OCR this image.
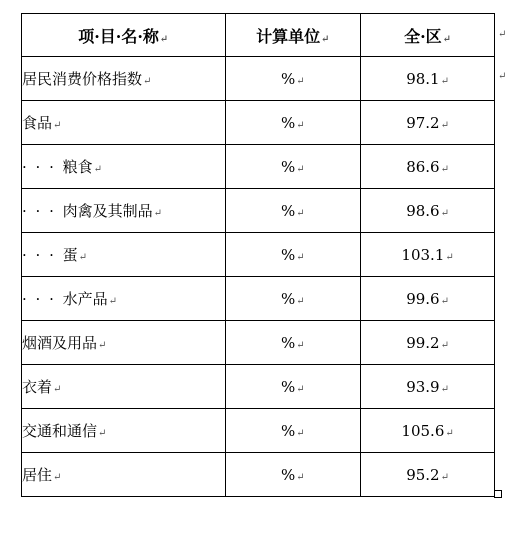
项·目·名·称↵	计算单位↵	全·区↵
居民消费价格指数↵	%↵	98.1↵
食品↵	%↵	97.2↵
· · · 粮食↵	%↵	86.6↵
· · · 肉禽及其制品↵	%↵	98.6↵
· · · 蛋↵	%↵	103.1↵
· · · 水产品↵	%↵	99.6↵
烟酒及用品↵	%↵	99.2↵
衣着↵	%↵	93.9↵
交通和通信↵	%↵	105.6↵
居住↵	%↵	95.2↵
↵
↵
